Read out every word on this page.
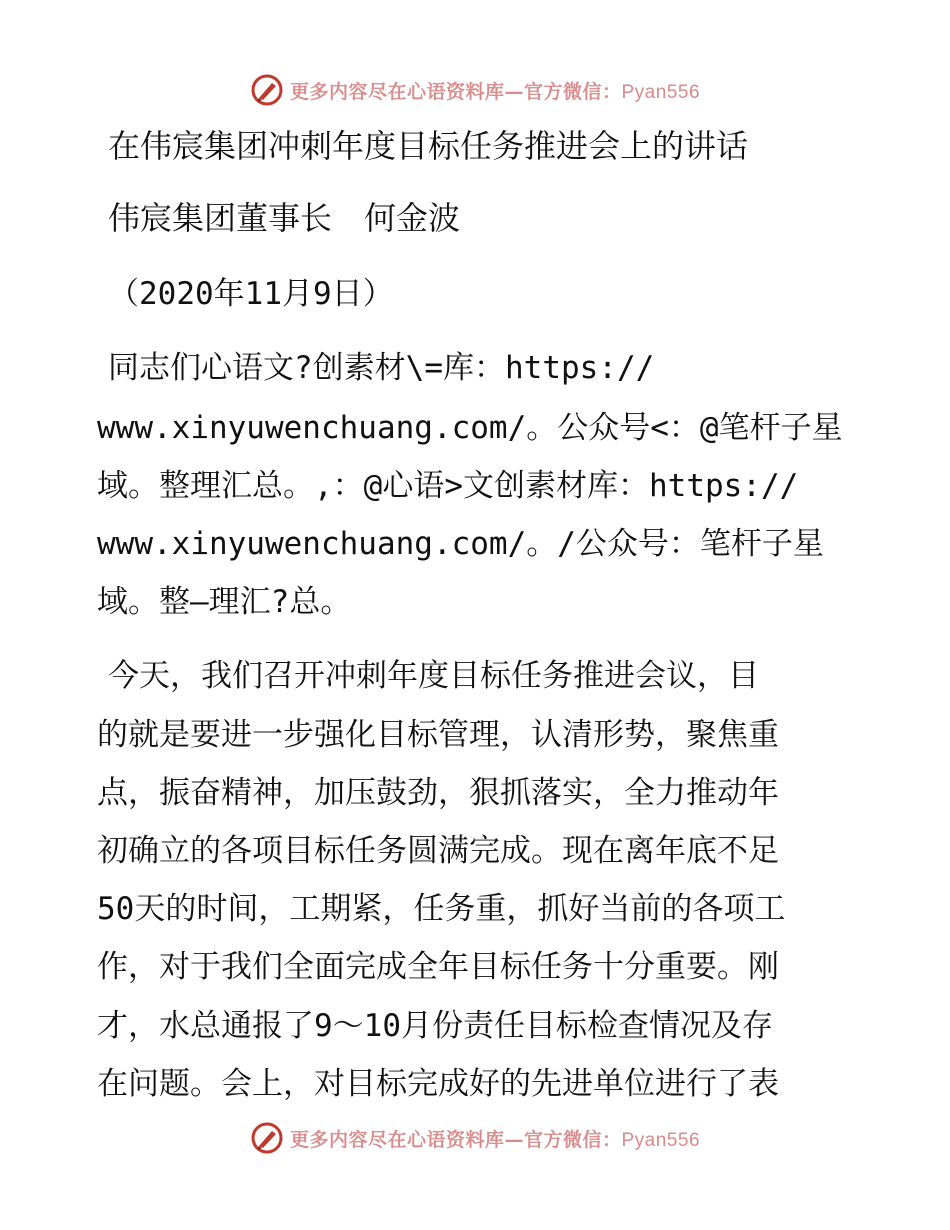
更多内容尽在心语资料库—官方微信：Pyan556
在伟宸集团冲刺年度目标任务推进会上的讲话
伟宸集团董事长　何金波
（2020年11月9日）
同志们心语文?创素材\=库：https://
www.xinyuwenchuang.com/。公众号<：@笔杆子星
域。整理汇总。,：@心语>文创素材库：https://
www.xinyuwenchuang.com/。/公众号：笔杆子星
域。整—理汇?总。
今天，我们召开冲刺年度目标任务推进会议，目
的就是要进一步强化目标管理，认清形势，聚焦重
点，振奋精神，加压鼓劲，狠抓落实，全力推动年
初确立的各项目标任务圆满完成。现在离年底不足
50天的时间，工期紧，任务重，抓好当前的各项工
作，对于我们全面完成全年目标任务十分重要。刚
才，水总通报了9～10月份责任目标检查情况及存
在问题。会上，对目标完成好的先进单位进行了表
更多内容尽在心语资料库—官方微信：Pyan556
